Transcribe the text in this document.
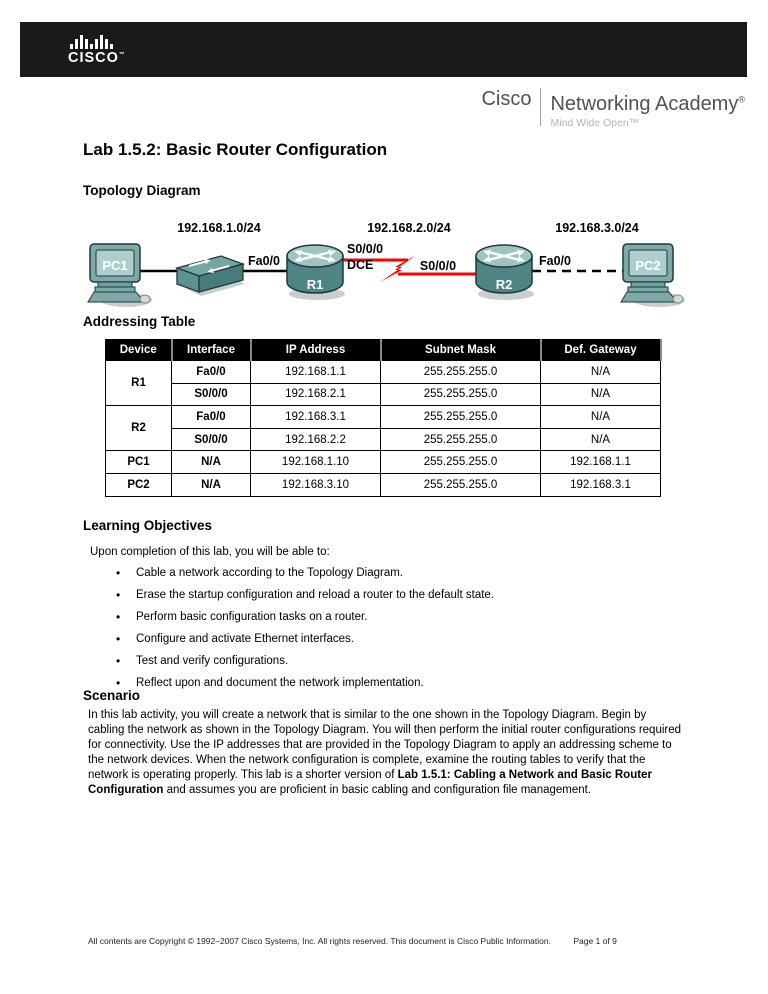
CISCO™
Cisco Networking Academy®
Mind Wide Open™
Lab 1.5.2: Basic Router Configuration
Topology Diagram
Addressing Table
Learning Objectives
Scenario
192.168.1.0/24	192.168.2.0/24	192.168.3.0/24
Fa0/0
S0/0/0
DCE	S0/0/0	Fa0/0
PC1
R1	R2
PC2
Device	Interface	IP Address	Subnet Mask	Def. Gateway
R1	Fa0/0	192.168.1.1	255.255.255.0	N/A
	S0/0/0	192.168.2.1	255.255.255.0	N/A
R2	Fa0/0	192.168.3.1	255.255.255.0	N/A
	S0/0/0	192.168.2.2	255.255.255.0	N/A
PC1	N/A	192.168.1.10	255.255.255.0	192.168.1.1
PC2	N/A	192.168.3.10	255.255.255.0	192.168.3.1
Upon completion of this lab, you will be able to:
• Cable a network according to the Topology Diagram.
• Erase the startup configuration and reload a router to the default state.
• Perform basic configuration tasks on a router.
• Configure and activate Ethernet interfaces.
• Test and verify configurations.
• Reflect upon and document the network implementation.

In this lab activity, you will create a network that is similar to the one shown in the Topology Diagram. Begin by cabling the network as shown in the Topology Diagram. You will then perform the initial router configurations required for connectivity. Use the IP addresses that are provided in the Topology Diagram to apply an addressing scheme to the network devices. When the network configuration is complete, examine the routing tables to verify that the network is operating properly. This lab is a shorter version of Lab 1.5.1: Cabling a Network and Basic Router Configuration and assumes you are proficient in basic cabling and configuration file management.

All contents are Copyright © 1992–2007 Cisco Systems, Inc. All rights reserved. This document is Cisco Public Information.	Page 1 of 9
